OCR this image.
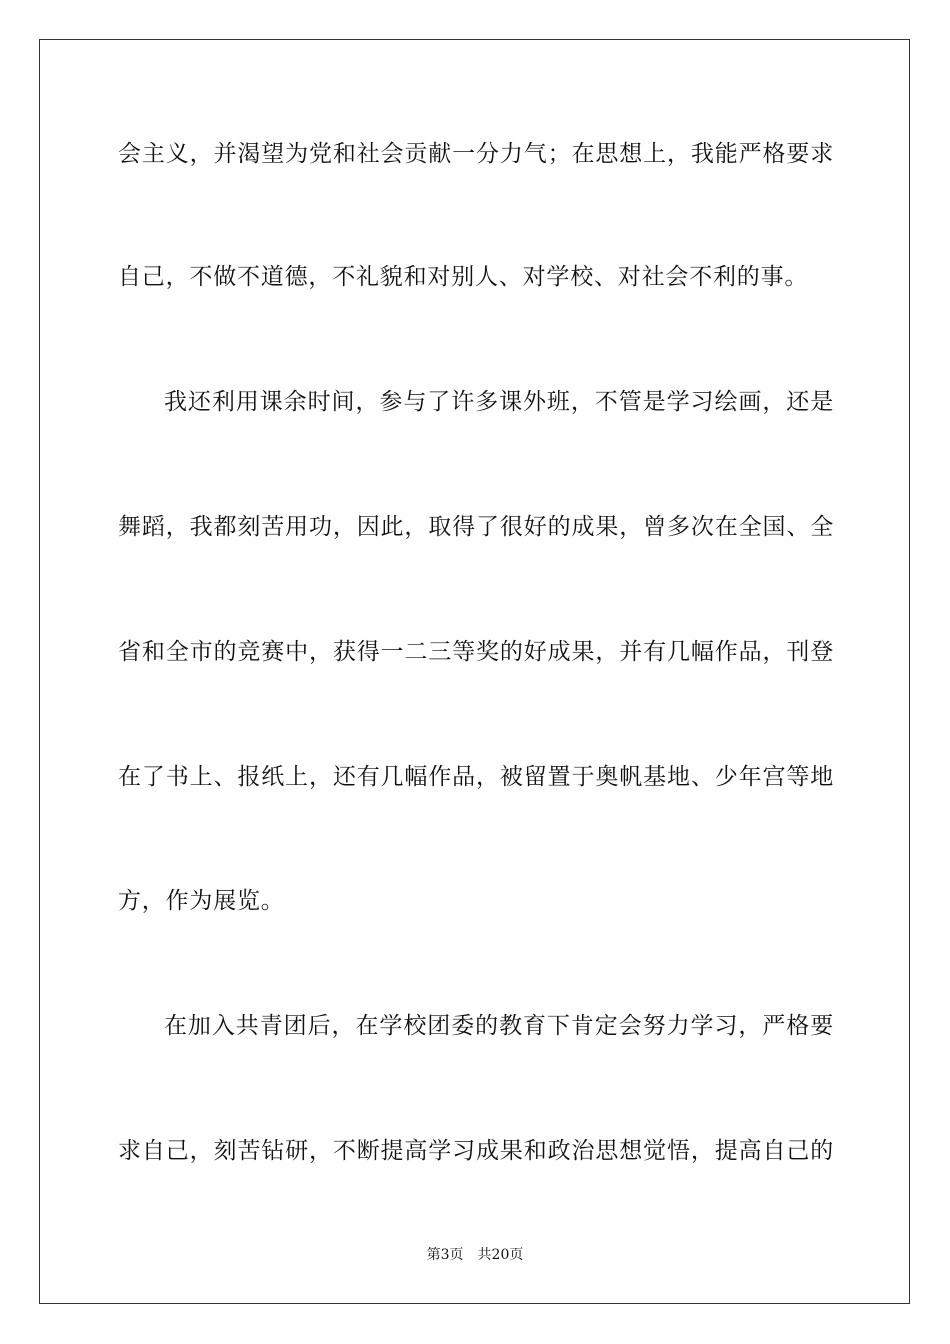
会主义，并渴望为党和社会贡献一分力气；在思想上，我能严格要求
自己，不做不道德，不礼貌和对别人、对学校、对社会不利的事。
我还利用课余时间，参与了许多课外班，不管是学习绘画，还是
舞蹈，我都刻苦用功，因此，取得了很好的成果，曾多次在全国、全
省和全市的竞赛中，获得一二三等奖的好成果，并有几幅作品，刊登
在了书上、报纸上，还有几幅作品，被留置于奥帆基地、少年宫等地
方，作为展览。
在加入共青团后，在学校团委的教育下肯定会努力学习，严格要
求自己，刻苦钻研，不断提高学习成果和政治思想觉悟，提高自己的
第3页 共20页
